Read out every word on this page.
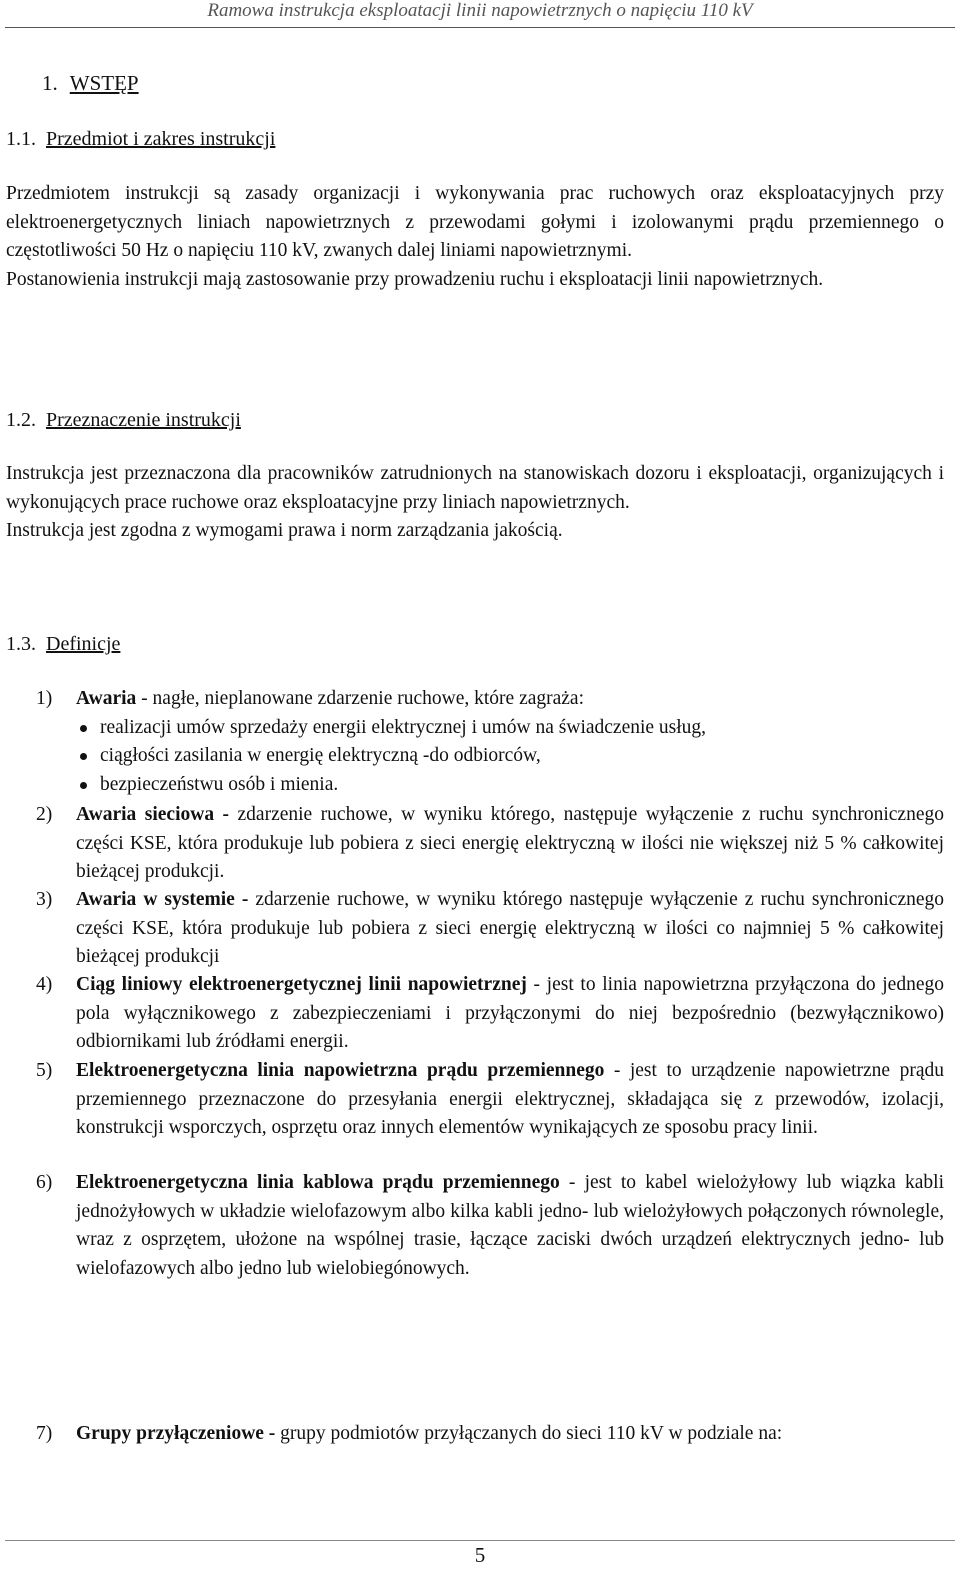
Ramowa instrukcja eksploatacji linii napowietrznych o napięciu 110 kV
1. WSTĘP
1.1. Przedmiot i zakres instrukcji

Przedmiotem instrukcji są zasady organizacji i wykonywania prac ruchowych oraz eksploatacyjnych przy elektroenergetycznych liniach napowietrznych z przewodami gołymi i izolowanymi prądu przemiennego o częstotliwości 50 Hz o napięciu 110 kV, zwanych dalej liniami napowietrznymi.

Postanowienia instrukcji mają zastosowanie przy prowadzeniu ruchu i eksploatacji linii napowietrznych.

1.2. Przeznaczenie instrukcji

Instrukcja jest przeznaczona dla pracowników zatrudnionych na stanowiskach dozoru i eksploatacji, organizujących i wykonujących prace ruchowe oraz eksploatacyjne przy liniach napowietrznych.

Instrukcja jest zgodna z wymogami prawa i norm zarządzania jakością.

1.3. Definicje
1)	Awaria - nagłe, nieplanowane zdarzenie ruchowe, które zagraża:
realizacji umów sprzedaży energii elektrycznej i umów na świadczenie usług,
ciągłości zasilania w energię elektryczną -do odbiorców,
bezpieczeństwu osób i mienia.
2)	Awaria sieciowa - zdarzenie ruchowe, w wyniku którego, następuje wyłączenie z ruchu synchronicznego części KSE, która produkuje lub pobiera z sieci energię elektryczną w ilości nie większej niż 5 % całkowitej bieżącej produkcji.
3)	Awaria w systemie - zdarzenie ruchowe, w wyniku którego następuje wyłączenie z ruchu synchronicznego części KSE, która produkuje lub pobiera z sieci energię elektryczną w ilości co najmniej 5 % całkowitej bieżącej produkcji
4)	Ciąg liniowy elektroenergetycznej linii napowietrznej - jest to linia napowietrzna przyłączona do jednego pola wyłącznikowego z zabezpieczeniami i przyłączonymi do niej bezpośrednio (bezwyłącznikowo) odbiornikami lub źródłami energii.
5)	Elektroenergetyczna linia napowietrzna prądu przemiennego - jest to urządzenie napowietrzne prądu przemiennego przeznaczone do przesyłania energii elektrycznej, składająca się z przewodów, izolacji, konstrukcji wsporczych, osprzętu oraz innych elementów wynikających ze sposobu pracy linii.
6)	Elektroenergetyczna linia kablowa prądu przemiennego - jest to kabel wielożyłowy lub wiązka kabli jednożyłowych w układzie wielofazowym albo kilka kabli jedno- lub wielożyłowych połączonych równolegle, wraz z osprzętem, ułożone na wspólnej trasie, łączące zaciski dwóch urządzeń elektrycznych jedno- lub wielofazowych albo jedno lub wielobiegónowych.
7)	Grupy przyłączeniowe - grupy podmiotów przyłączanych do sieci 110 kV w podziale na:
5
